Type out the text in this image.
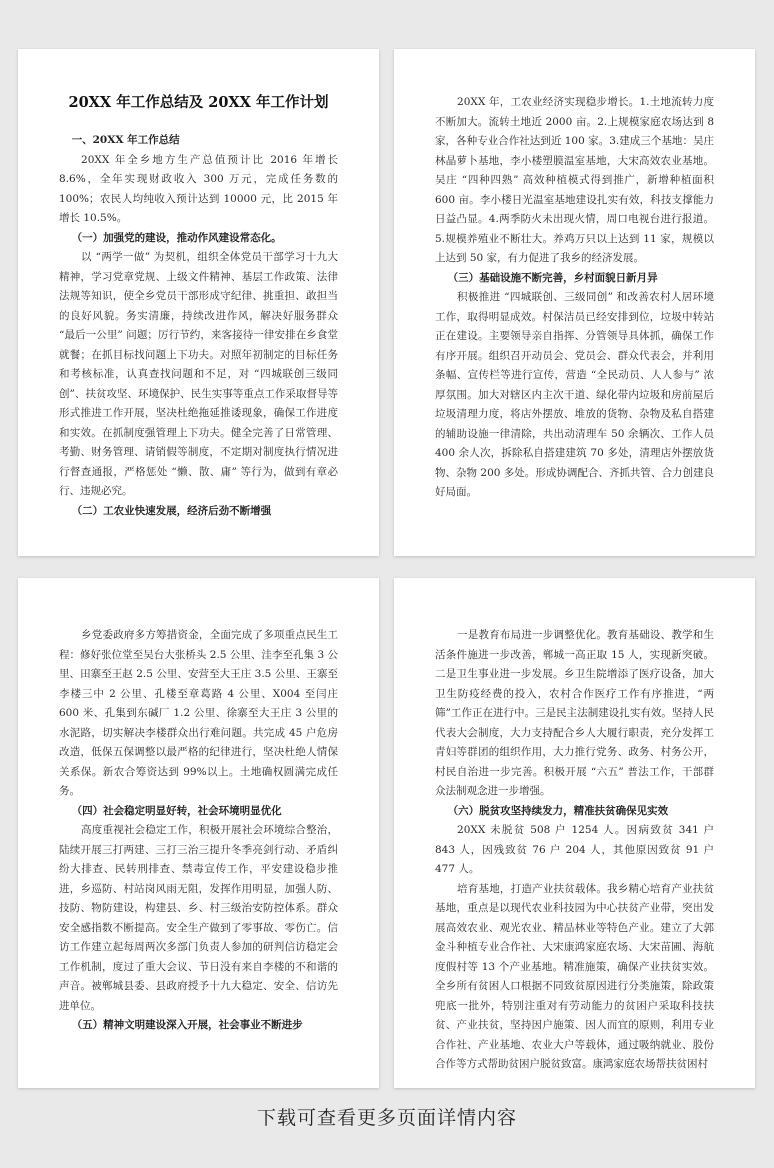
20XX 年工作总结及 20XX 年工作计划
一、20XX 年工作总结

20XX 年全乡地方生产总值预计比 2016 年增长 8.6%，全年实现财政收入 300 万元，完成任务数的 100%；农民人均纯收入预计达到 10000 元，比 2015 年增长 10.5%。

（一）加强党的建设，推动作风建设常态化。

以 “两学一做” 为契机，组织全体党员干部学习十九大精神，学习党章党规、上级文件精神、基层工作政策、法律法规等知识，使全乡党员干部形成守纪律、挑重担、敢担当的良好风貌。务实清廉，持续改进作风，解决好服务群众 “最后一公里” 问题；厉行节约，来客接待一律安排在乡食堂就餐；在抓目标找问题上下功夫。对照年初制定的目标任务和考核标准，认真查找问题和不足，对 “四城联创三级同创”、扶贫攻坚、环境保护、民生实事等重点工作采取督导等形式推进工作开展，坚决杜绝拖延推诿现象，确保工作进度和实效。在抓制度强管理上下功夫。健全完善了日常管理、考勤、财务管理、请销假等制度，不定期对制度执行情况进行督查通报，严格惩处 “懒、散、庸” 等行为，做到有章必行、违规必究。

（二）工农业快速发展，经济后劲不断增强

20XX 年，工农业经济实现稳步增长。1.土地流转力度不断加大。流转土地近 2000 亩。2.上规模家庭农场达到 8 家，各种专业合作社达到近 100 家。3.建成三个基地：吴庄林晶萝卜基地，李小楼塑膜温室基地，大宋高效农业基地。吴庄 “四种四熟” 高效种植模式得到推广，新增种植面积 600 亩。李小楼日光温室基地建设扎实有效，科技支撑能力日益凸显。4.两季防火未出现火情，周口电视台进行报道。5.规模养殖业不断壮大。养鸡万只以上达到 11 家，规模以上达到 50 家，有力促进了我乡的经济发展。

（三）基础设施不断完善，乡村面貌日新月异

积极推进 “四城联创、三级同创” 和改善农村人居环境工作，取得明显成效。村保洁员已经安排到位，垃圾中转站正在建设。主要领导亲自指挥、分管领导具体抓，确保工作有序开展。组织召开动员会、党员会、群众代表会，并利用条幅、宣传栏等进行宣传，营造 “全民动员、人人参与” 浓厚氛围。加大对辖区内主次干道、绿化带内垃圾和房前屋后垃圾清理力度，将店外摆放、堆放的货物、杂物及私自搭建的辅助设施一律清除，共出动清理车 50 余辆次、工作人员 400 余人次，拆除私自搭建建筑 70 多处，清理店外摆放货物、杂物 200 多处。形成协调配合、齐抓共管、合力创建良好局面。

乡党委政府多方筹措资金，全面完成了多项重点民生工程：修好张位堂至吴台大张桥头 2.5 公里、洼李至孔集 3 公里、田寨至王赵 2.5 公里、安营至大王庄 3.5 公里、王寨至李楼三中 2 公里、孔楼至章葛路 4 公里、X004 至闫庄 600 米、孔集到东碱厂 1.2 公里、徐寨至大王庄 3 公里的水泥路，切实解决李楼群众出行难问题。共完成 45 户危房改造，低保五保调整以最严格的纪律进行，坚决杜绝人情保关系保。新农合筹资达到 99%以上。土地确权圆满完成任务。

（四）社会稳定明显好转，社会环境明显优化

高度重视社会稳定工作，积极开展社会环境综合整治，陆续开展三打两建、三打三治三提升冬季亮剑行动、矛盾纠纷大排查、民转刑排查、禁毒宣传工作，平安建设稳步推进，乡巡防、村站岗风雨无阻，发挥作用明显，加强人防、技防、物防建设，构建县、乡、村三级治安防控体系。群众安全感指数不断提高。安全生产做到了零事故、零伤亡。信访工作建立起每周两次多部门负责人参加的研判信访稳定会工作机制，度过了重大会议、节日没有来自李楼的不和谐的声音。被郸城县委、县政府授予十九大稳定、安全、信访先进单位。

（五）精神文明建设深入开展，社会事业不断进步

一是教育布局进一步调整优化。教育基础设、教学和生活条件施进一步改善，郸城一高正取 15 人，实现新突破。二是卫生事业进一步发展。乡卫生院增添了医疗设备，加大卫生防疫经费的投入，农村合作医疗工作有序推进，“两筛”工作正在进行中。三是民主法制建设扎实有效。坚持人民代表大会制度，大力支持配合乡人大履行职责，充分发挥工青妇等群团的组织作用，大力推行党务、政务、村务公开，村民自治进一步完善。积极开展 “六五” 普法工作，干部群众法制观念进一步增强。

（六）脱贫攻坚持续发力，精准扶贫确保见实效

20XX 未脱贫 508 户 1254 人。因病致贫 341 户 843 人，因残致贫 76 户 204 人，其他原因致贫 91 户 477 人。

培育基地，打造产业扶贫载体。我乡精心培育产业扶贫基地，重点是以现代农业科技园为中心扶贫产业带，突出发展高效农业、观光农业、精品林业等特色产业。建立了大郭金斗种植专业合作社、大宋康鸿家庭农场、大宋苗圃、海航度假村等 13 个产业基地。精准施策，确保产业扶贫实效。全乡所有贫困人口根据不同致贫原因进行分类施策，除政策兜底一批外，特别注重对有劳动能力的贫困户采取科技扶贫、产业扶贫，坚持因户施策、因人而宜的原则，利用专业合作社、产业基地、农业大户等载体，通过吸纳就业、股份合作等方式帮助贫困户脱贫致富。康鸿家庭农场帮扶贫困村

下载可查看更多页面详情内容
